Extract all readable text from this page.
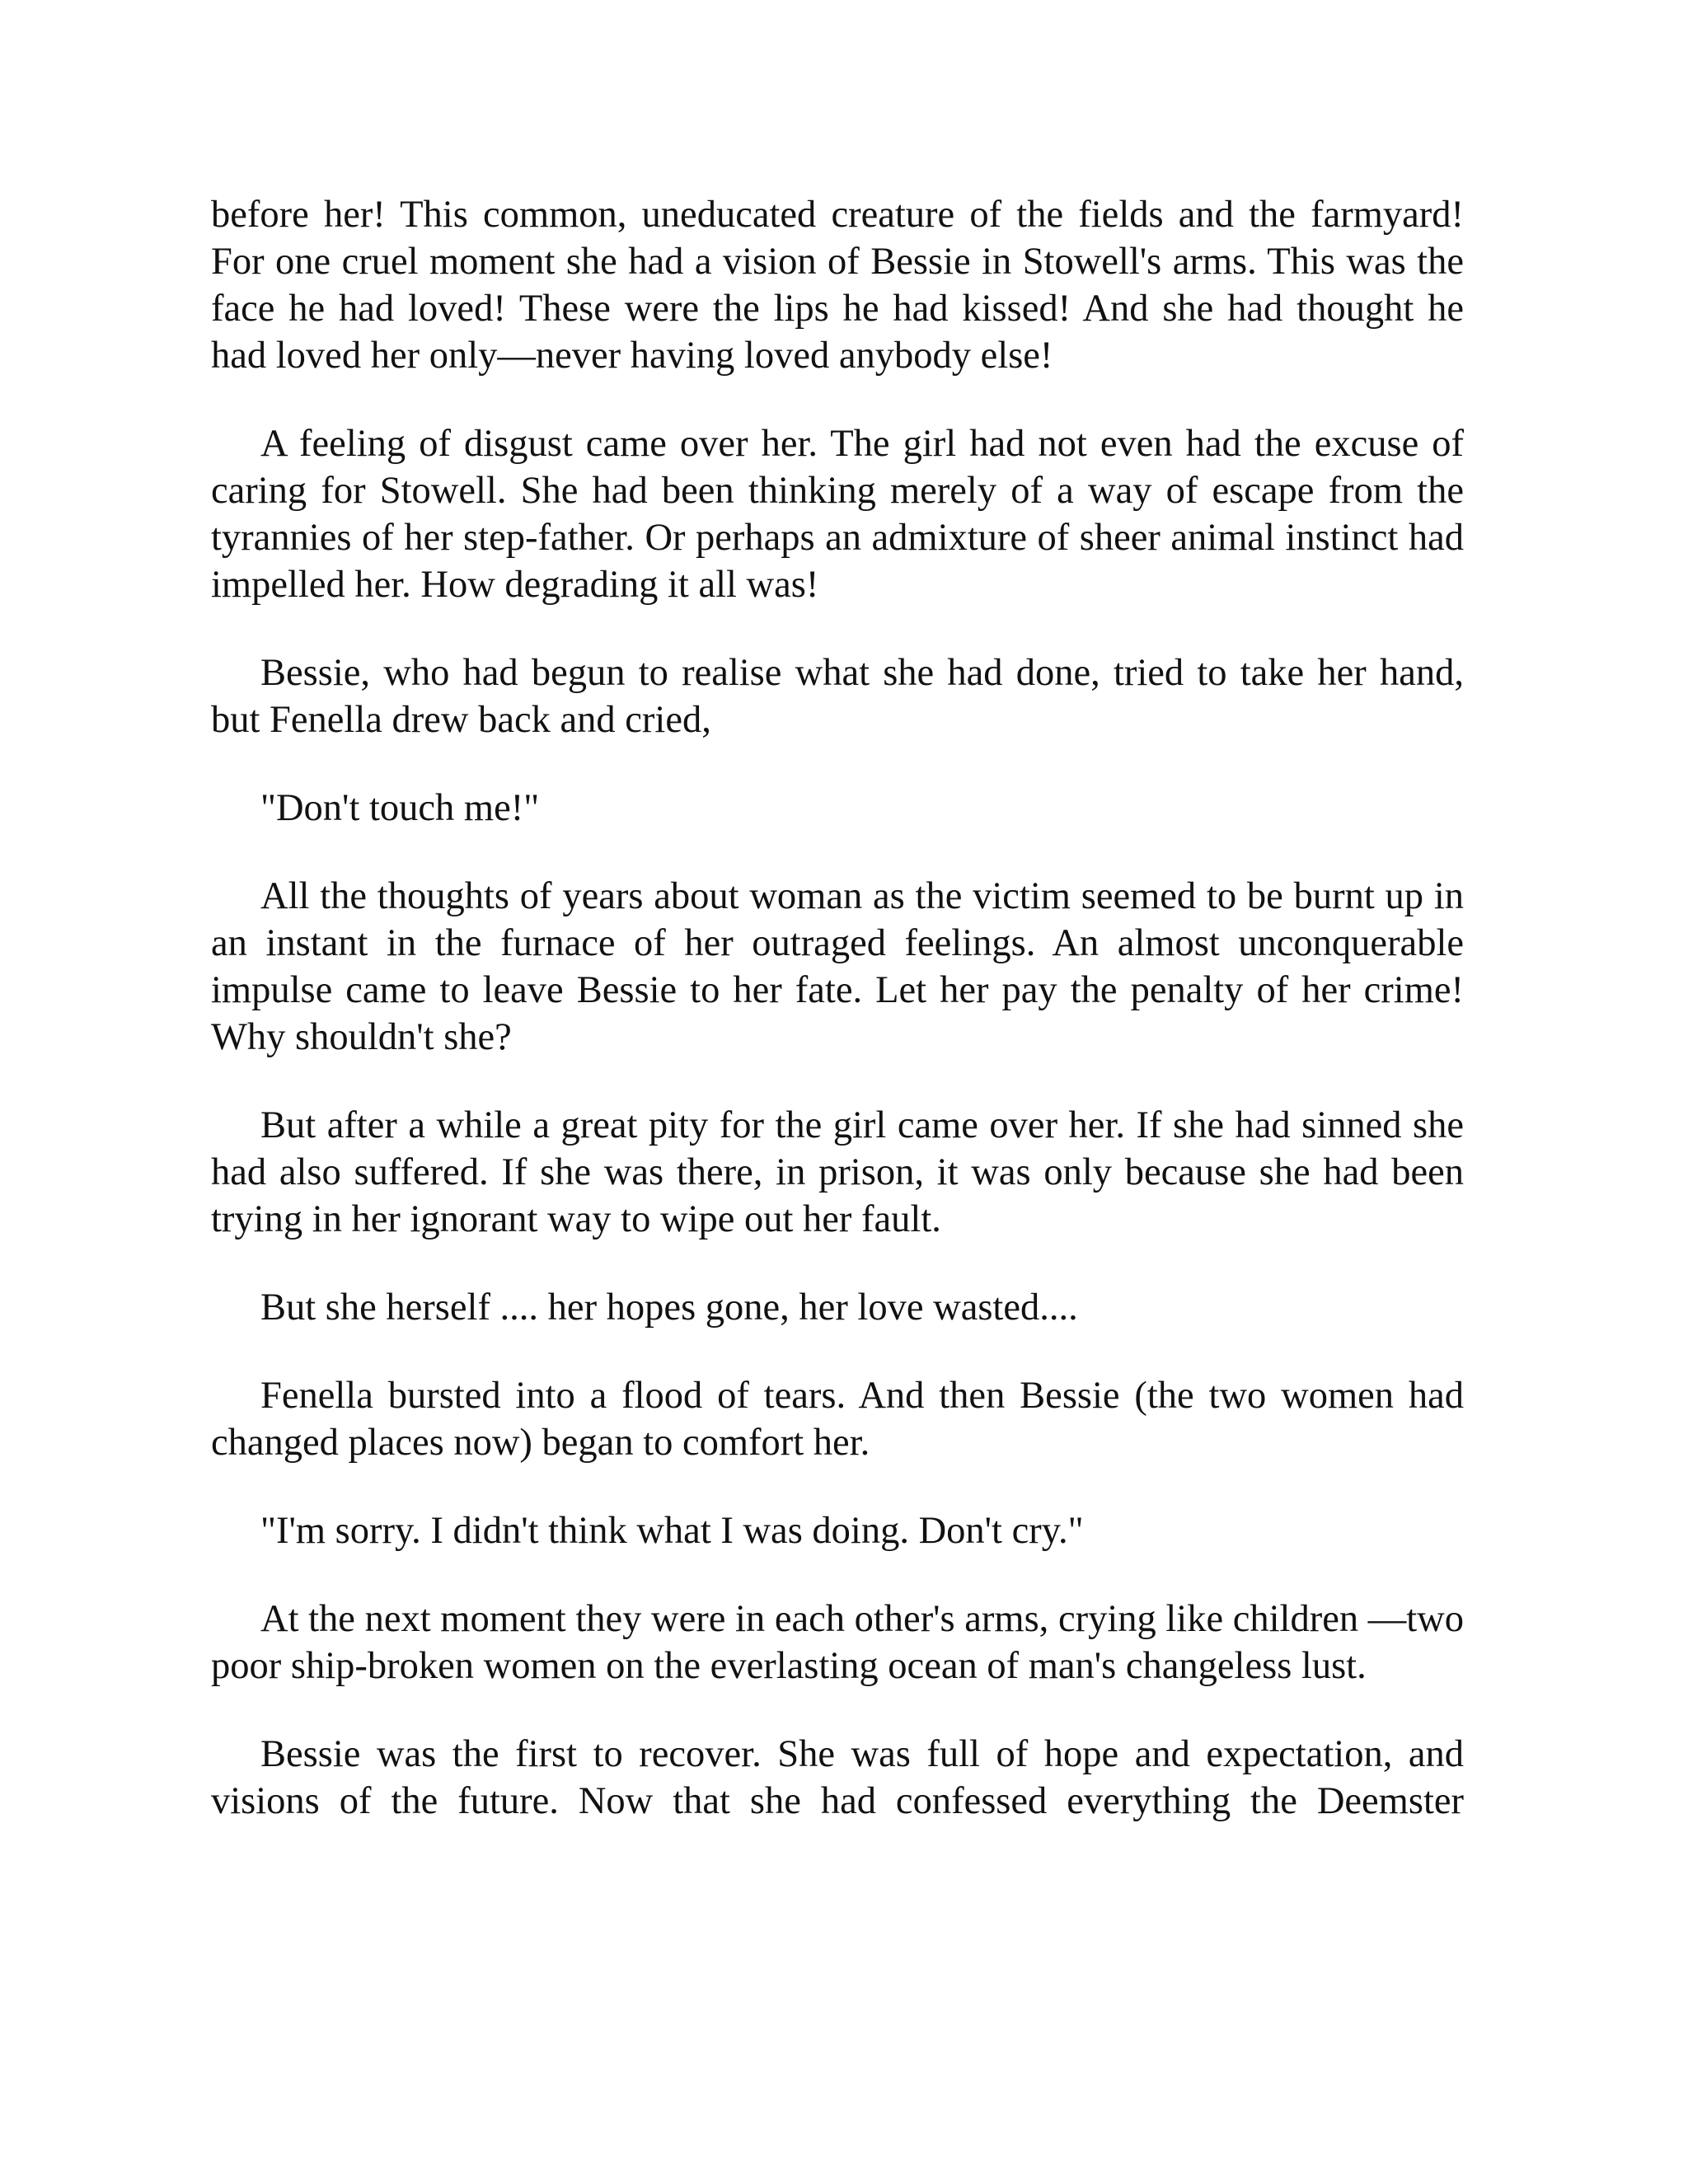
before her! This common, uneducated creature of the fields and the farmyard! For one cruel moment she had a vision of Bessie in Stowell's arms. This was the face he had loved! These were the lips he had kissed! And she had thought he had loved her only—never having loved anybody else!

A feeling of disgust came over her. The girl had not even had the excuse of caring for Stowell. She had been thinking merely of a way of escape from the tyrannies of her step-father. Or perhaps an admixture of sheer animal instinct had impelled her. How degrading it all was!

Bessie, who had begun to realise what she had done, tried to take her hand, but Fenella drew back and cried,

"Don't touch me!"

All the thoughts of years about woman as the victim seemed to be burnt up in an instant in the furnace of her outraged feelings. An almost unconquerable impulse came to leave Bessie to her fate. Let her pay the penalty of her crime! Why shouldn't she?

But after a while a great pity for the girl came over her. If she had sinned she had also suffered. If she was there, in prison, it was only because she had been trying in her ignorant way to wipe out her fault.

But she herself .... her hopes gone, her love wasted....

Fenella bursted into a flood of tears. And then Bessie (the two women had changed places now) began to comfort her.

"I'm sorry. I didn't think what I was doing. Don't cry."

At the next moment they were in each other's arms, crying like children —two poor ship-broken women on the everlasting ocean of man's changeless lust.

Bessie was the first to recover. She was full of hope and expectation, and visions of the future. Now that she had confessed everything the Deemster
